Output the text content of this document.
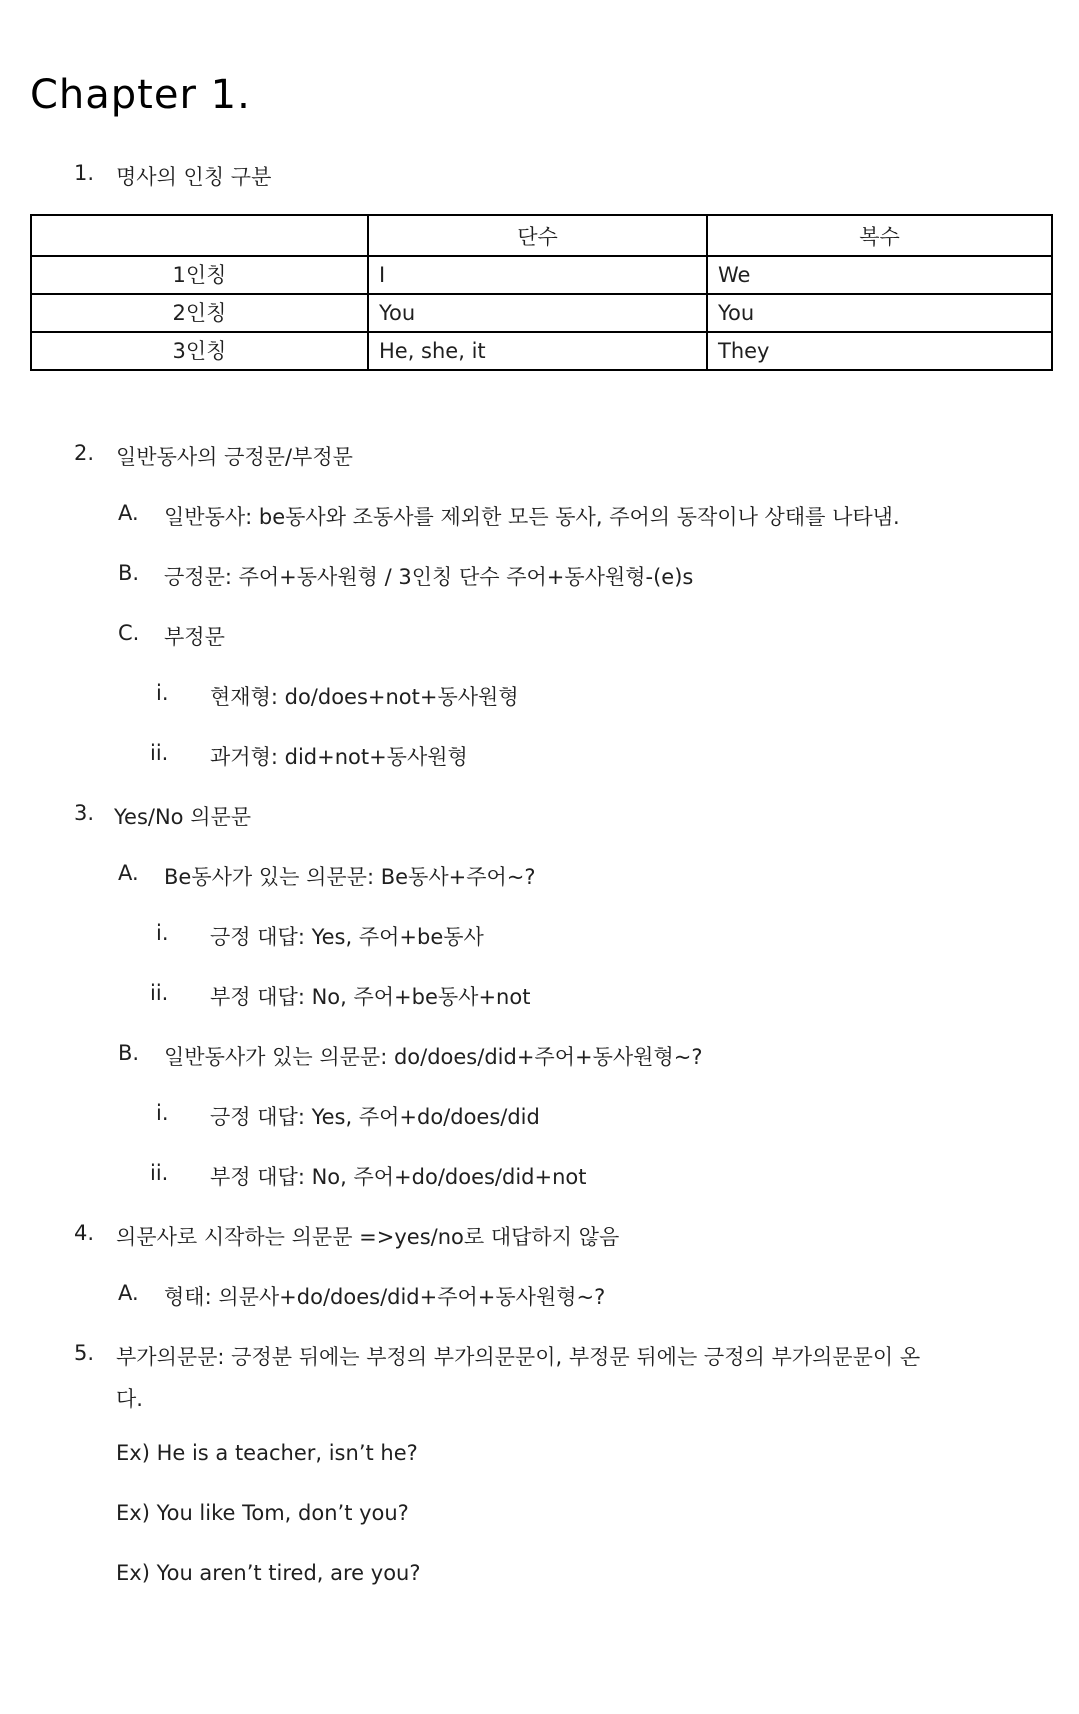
Chapter 1.
1. 명사의 인칭 구분
	단수	복수
1인칭	I	We
2인칭	You	You
3인칭	He, she, it	They
2. 일반동사의 긍정문/부정문
A. 일반동사: be동사와 조동사를 제외한 모든 동사, 주어의 동작이나 상태를 나타냄.
B. 긍정문: 주어+동사원형 / 3인칭 단수 주어+동사원형-(e)s
C. 부정문
i. 현재형: do/does+not+동사원형
ii. 과거형: did+not+동사원형
3. Yes/No 의문문
A. Be동사가 있는 의문문: Be동사+주어~?
i. 긍정 대답: Yes, 주어+be동사
ii. 부정 대답: No, 주어+be동사+not
B. 일반동사가 있는 의문문: do/does/did+주어+동사원형~?
i. 긍정 대답: Yes, 주어+do/does/did
ii. 부정 대답: No, 주어+do/does/did+not
4. 의문사로 시작하는 의문문 =>yes/no로 대답하지 않음
A. 형태: 의문사+do/does/did+주어+동사원형~?
5. 부가의문문: 긍정분 뒤에는 부정의 부가의문문이, 부정문 뒤에는 긍정의 부가의문문이 온
다.
Ex) He is a teacher, isn’t he?
Ex) You like Tom, don’t you?
Ex) You aren’t tired, are you?
